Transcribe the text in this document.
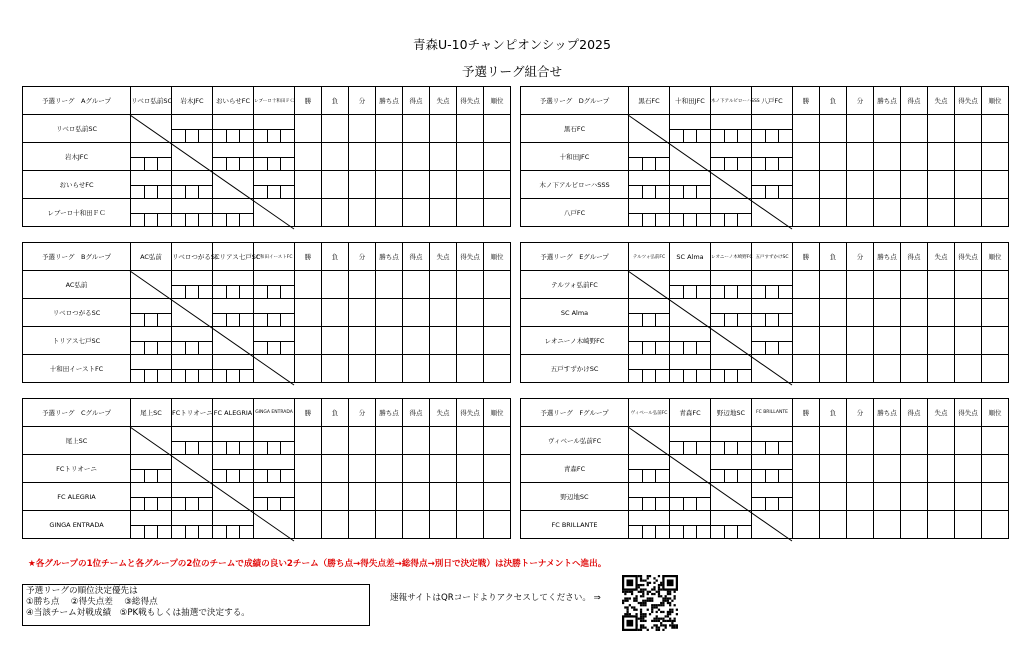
青森U-10チャンピオンシップ2025
予選リーグ組合せ
予選リーグ　Aグループ	リベロ弘前SC	岩木JFC	おいらせFC	レブーロ十和田ＦＣ	勝	負	分	勝ち点	得点	失点	得失点	順位
リベロ弘前SC		

岩木JFC	

おいらせFC	

レブーロ十和田ＦＣ	

予選リーグ　Dグループ	黒石FC	十和田JFC	木ノ下アルビローハSSS	八戸FC	勝	負	分	勝ち点	得点	失点	得失点	順位
黒石FC		

十和田JFC	

木ノ下アルビローハSSS	

八戸FC	

予選リーグ　Bグループ	AC弘前	リベロつがるSC	トリアス七戸SC	十和田イーストFC	勝	負	分	勝ち点	得点	失点	得失点	順位
AC弘前		

リベロつがるSC	

トリアス七戸SC	

十和田イーストFC	

予選リーグ　Eグループ	テルツォ弘前FC	SC Alma	レオニーノ木崎野FC	五戸すずかけSC	勝	負	分	勝ち点	得点	失点	得失点	順位
テルツォ弘前FC		

SC Alma	

レオニーノ木崎野FC	

五戸すずかけSC	

予選リーグ　Cグループ	尾上SC	FCトリオーニ	FC ALEGRIA	GINGA ENTRADA	勝	負	分	勝ち点	得点	失点	得失点	順位
尾上SC		

FCトリオーニ	

FC ALEGRIA	

GINGA ENTRADA	

予選リーグ　Fグループ	ヴィベール弘前FC	青森FC	野辺地SC	FC BRILLANTE	勝	負	分	勝ち点	得点	失点	得失点	順位
ヴィベール弘前FC		

青森FC	

野辺地SC	

FC BRILLANTE	

★各グループの1位チームと各グループの2位のチームで成績の良い2チーム（勝ち点→得失点差→総得点→別日で決定戦）は決勝トーナメントへ進出。
予選リーグの順位決定優先は
①勝ち点　 ②得失点差　 ③総得点
④当該チーム対戦成績　⑤PK戦もしくは抽選で決定する。
速報サイトはQRコードよりアクセスしてください。 ⇒
